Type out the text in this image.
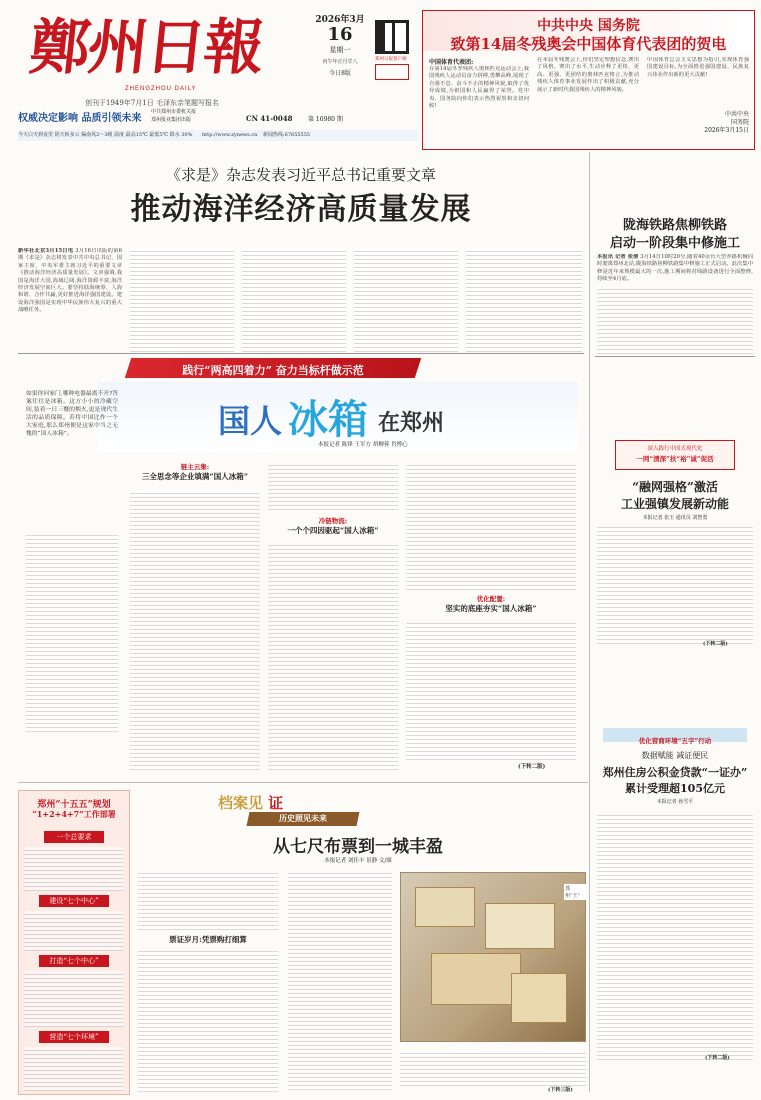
鄭州日報
ZHENGZHOU DAILY
创刊于1949年7月1日 毛泽东亲笔题写报名
2026年3月
16
星期一
丙午年正月廿八
今日8版
郑州日报客户端
权威决定影响 品质引领未来
中共郑州市委机关报
郑州报业集团出版	CN 41-0048	第 16980 期
今天白天到夜里 阴天转多云 偏南风2～3级 温度 最高15℃ 最低5℃ 降水 30% http://www.zynews.cn 新闻热线:67655555
中共中央 国务院
致第14届冬残奥会中国体育代表团的贺电
中国体育代表团:
在第14届冬季残疾人奥林匹克运动会上,我国残疾人运动员奋力拼搏,勇攀高峰,展现了自强不息、奋斗不止的精神风貌,取得了优异成绩,为祖国和人民赢得了荣誉。党中央、国务院向你们表示热烈祝贺和亲切问候!
在本届冬残奥会上,你们坚定理想信念,赛出了风格、赛出了水平,生动诠释了更快、更高、更强、更团结的奥林匹克格言,为推动残疾人体育事业发展作出了积极贡献,充分展示了新时代我国残疾人的精神风貌。
中国体育总会主义思想为指引,实现体育强国建设目标,为全面推进强国建设、民族复兴伟业作出新的更大贡献!
中共中央
国务院
2026年3月15日
《求是》杂志发表习近平总书记重要文章
推动海洋经济高质量发展
新华社北京3月15日电 3月16日出版的第6期《求是》杂志将发表中共中央总书记、国家主席、中央军委主席习近平的重要文章《推动海洋经济高质量发展》。文章强调,我国是海洋大国,海域辽阔,海洋资源丰富,海洋经济发展空间巨大。要坚持陆海统筹、人海和谐、合作共赢,更好推进海洋强国建设。建设海洋强国是实现中华民族伟大复兴的重大战略任务。
陇海铁路焦柳铁路
启动一阶段集中修施工
本报讯 记者 张倩 3月14日10时20分,随着40余台大型养路机械同时驶离郑州北站,陇海铁路焦柳铁路集中修施工正式启动。此次集中修是近年来规模最大的一次,施工期间将对线路设备进行全面整修,持续至4月底。
践行“两高四着力” 奋力当标杆做示范
国人 冰箱 在郑州
本报记者 陈锋 王军方 胡柳蓉 肖博心
如果你问家门,哪种电器最离不开?答案往往是冰箱。这方小小的冷藏空间,装着一日三餐的烟火,更是现代生活的品质保障。若将中国比作一个大家庭,那么郑州便是这家中当之无愧的“国人冰箱”。
链主云集:
三全思念等企业填满“国人冰箱”
冷链物流:
一个个四因驱起“国人冰箱”
优化配置:
坚实的底座夯实“国人冰箱”
(下转二版)
深入践行中国式现代化
一网“清深”扶“裕”诚”促活
“融网强格”激活
工业强镇发展新动能
本报记者 张玉 通讯员 刘智勇
(下转二版)
优化营商环境“五字”行动
数据赋能 减证便民
郑州住房公积金贷款“一证办”
累计受理超105亿元
本报记者 孙雪平
(下转二版)
郑州“十五五”规划
“1+2+4+7”工作部署
一个总要求
建设“七个中心”
打造“七个中心”
营造“七个环境”
档案见 证
历史照见未来
从七尺布票到一城丰盈
本报记者 刘佳丰 景静 文/图
票证岁月:凭票购打细算
郑州“王”
(下转三版)
